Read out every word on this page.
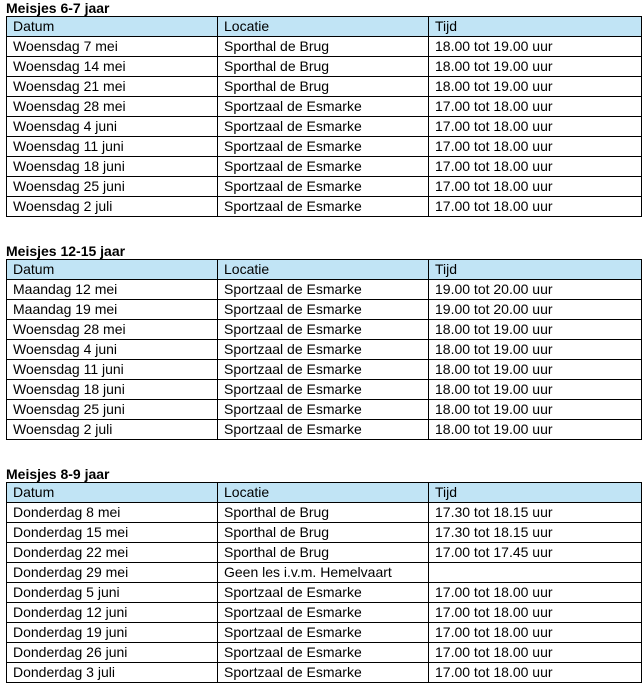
Meisjes 6-7 jaar
Datum	Locatie	Tijd
Woensdag 7 mei	Sporthal de Brug	18.00 tot 19.00 uur
Woensdag 14 mei	Sporthal de Brug	18.00 tot 19.00 uur
Woensdag 21 mei	Sporthal de Brug	18.00 tot 19.00 uur
Woensdag 28 mei	Sportzaal de Esmarke	17.00 tot 18.00 uur
Woensdag 4 juni	Sportzaal de Esmarke	17.00 tot 18.00 uur
Woensdag 11 juni	Sportzaal de Esmarke	17.00 tot 18.00 uur
Woensdag 18 juni	Sportzaal de Esmarke	17.00 tot 18.00 uur
Woensdag 25 juni	Sportzaal de Esmarke	17.00 tot 18.00 uur
Woensdag 2 juli	Sportzaal de Esmarke	17.00 tot 18.00 uur
Meisjes 12-15 jaar
Datum	Locatie	Tijd
Maandag 12 mei	Sportzaal de Esmarke	19.00 tot 20.00 uur
Maandag 19 mei	Sportzaal de Esmarke	19.00 tot 20.00 uur
Woensdag 28 mei	Sportzaal de Esmarke	18.00 tot 19.00 uur
Woensdag 4 juni	Sportzaal de Esmarke	18.00 tot 19.00 uur
Woensdag 11 juni	Sportzaal de Esmarke	18.00 tot 19.00 uur
Woensdag 18 juni	Sportzaal de Esmarke	18.00 tot 19.00 uur
Woensdag 25 juni	Sportzaal de Esmarke	18.00 tot 19.00 uur
Woensdag 2 juli	Sportzaal de Esmarke	18.00 tot 19.00 uur
Meisjes 8-9 jaar
Datum	Locatie	Tijd
Donderdag 8 mei	Sporthal de Brug	17.30 tot 18.15 uur
Donderdag 15 mei	Sporthal de Brug	17.30 tot 18.15 uur
Donderdag 22 mei	Sporthal de Brug	17.00 tot 17.45 uur
Donderdag 29 mei	Geen les i.v.m. Hemelvaart	
Donderdag 5 juni	Sportzaal de Esmarke	17.00 tot 18.00 uur
Donderdag 12 juni	Sportzaal de Esmarke	17.00 tot 18.00 uur
Donderdag 19 juni	Sportzaal de Esmarke	17.00 tot 18.00 uur
Donderdag 26 juni	Sportzaal de Esmarke	17.00 tot 18.00 uur
Donderdag 3 juli	Sportzaal de Esmarke	17.00 tot 18.00 uur
